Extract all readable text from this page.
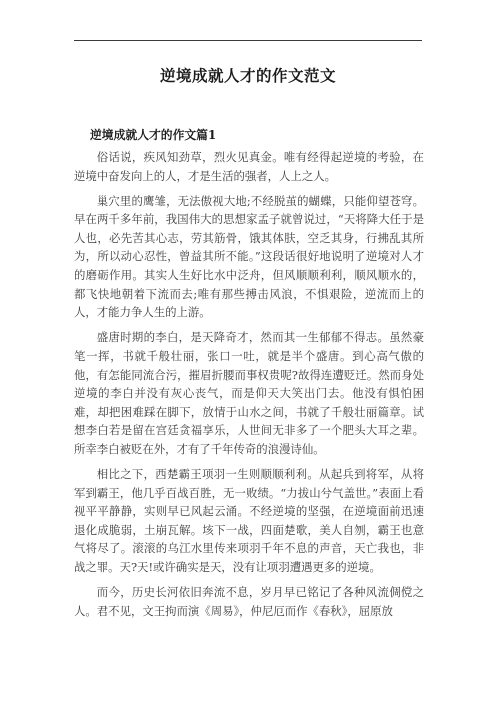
逆境成就人才的作文范文
逆境成就人才的作文篇1

俗话说，疾风知劲草，烈火见真金。唯有经得起逆境的考验，在逆境中奋发向上的人，才是生活的强者，人上之人。

巢穴里的鹰雏，无法傲视大地;不经脱茧的蝴蝶，只能仰望苍穹。早在两千多年前，我国伟大的思想家孟子就曾说过，“天将降大任于是人也，必先苦其心志，劳其筋骨，饿其体肤，空乏其身，行拂乱其所为，所以动心忍性，曾益其所不能。”这段话很好地说明了逆境对人才的磨砺作用。其实人生好比水中泛舟，但风顺顺利利，顺风顺水的，都飞快地朝着下流而去;唯有那些搏击风浪，不惧艰险，逆流而上的人，才能力争人生的上游。

盛唐时期的李白，是天降奇才，然而其一生郁郁不得志。虽然豪笔一挥，书就千般壮丽，张口一吐，就是半个盛唐。到心高气傲的他，有怎能同流合污，摧眉折腰而事权贵呢?故得连遭贬迁。然而身处逆境的李白并没有灰心丧气，而是仰天大笑出门去。他没有惧怕困难，却把困难踩在脚下，放情于山水之间，书就了千般壮丽篇章。试想李白若是留在宫廷贪福享乐，人世间无非多了一个肥头大耳之辈。所幸李白被贬在外，才有了千年传奇的浪漫诗仙。

相比之下，西楚霸王项羽一生则顺顺利利。从起兵到将军，从将军到霸王，他几乎百战百胜，无一败绩。“力拔山兮气盖世。”表面上看视平平静静，实则早已风起云涌。不经逆境的坚强，在逆境面前迅速退化成脆弱，土崩瓦解。垓下一战，四面楚歌，美人自刎，霸王也意气将尽了。滚滚的乌江水里传来项羽千年不息的声音，天亡我也，非战之罪。天?天!或许确实是天，没有让项羽遭遇更多的逆境。

而今，历史长河依旧奔流不息，岁月早已铭记了各种风流倜傥之人。君不见，文王拘而演《周易》，仲尼厄而作《春秋》，屈原放
